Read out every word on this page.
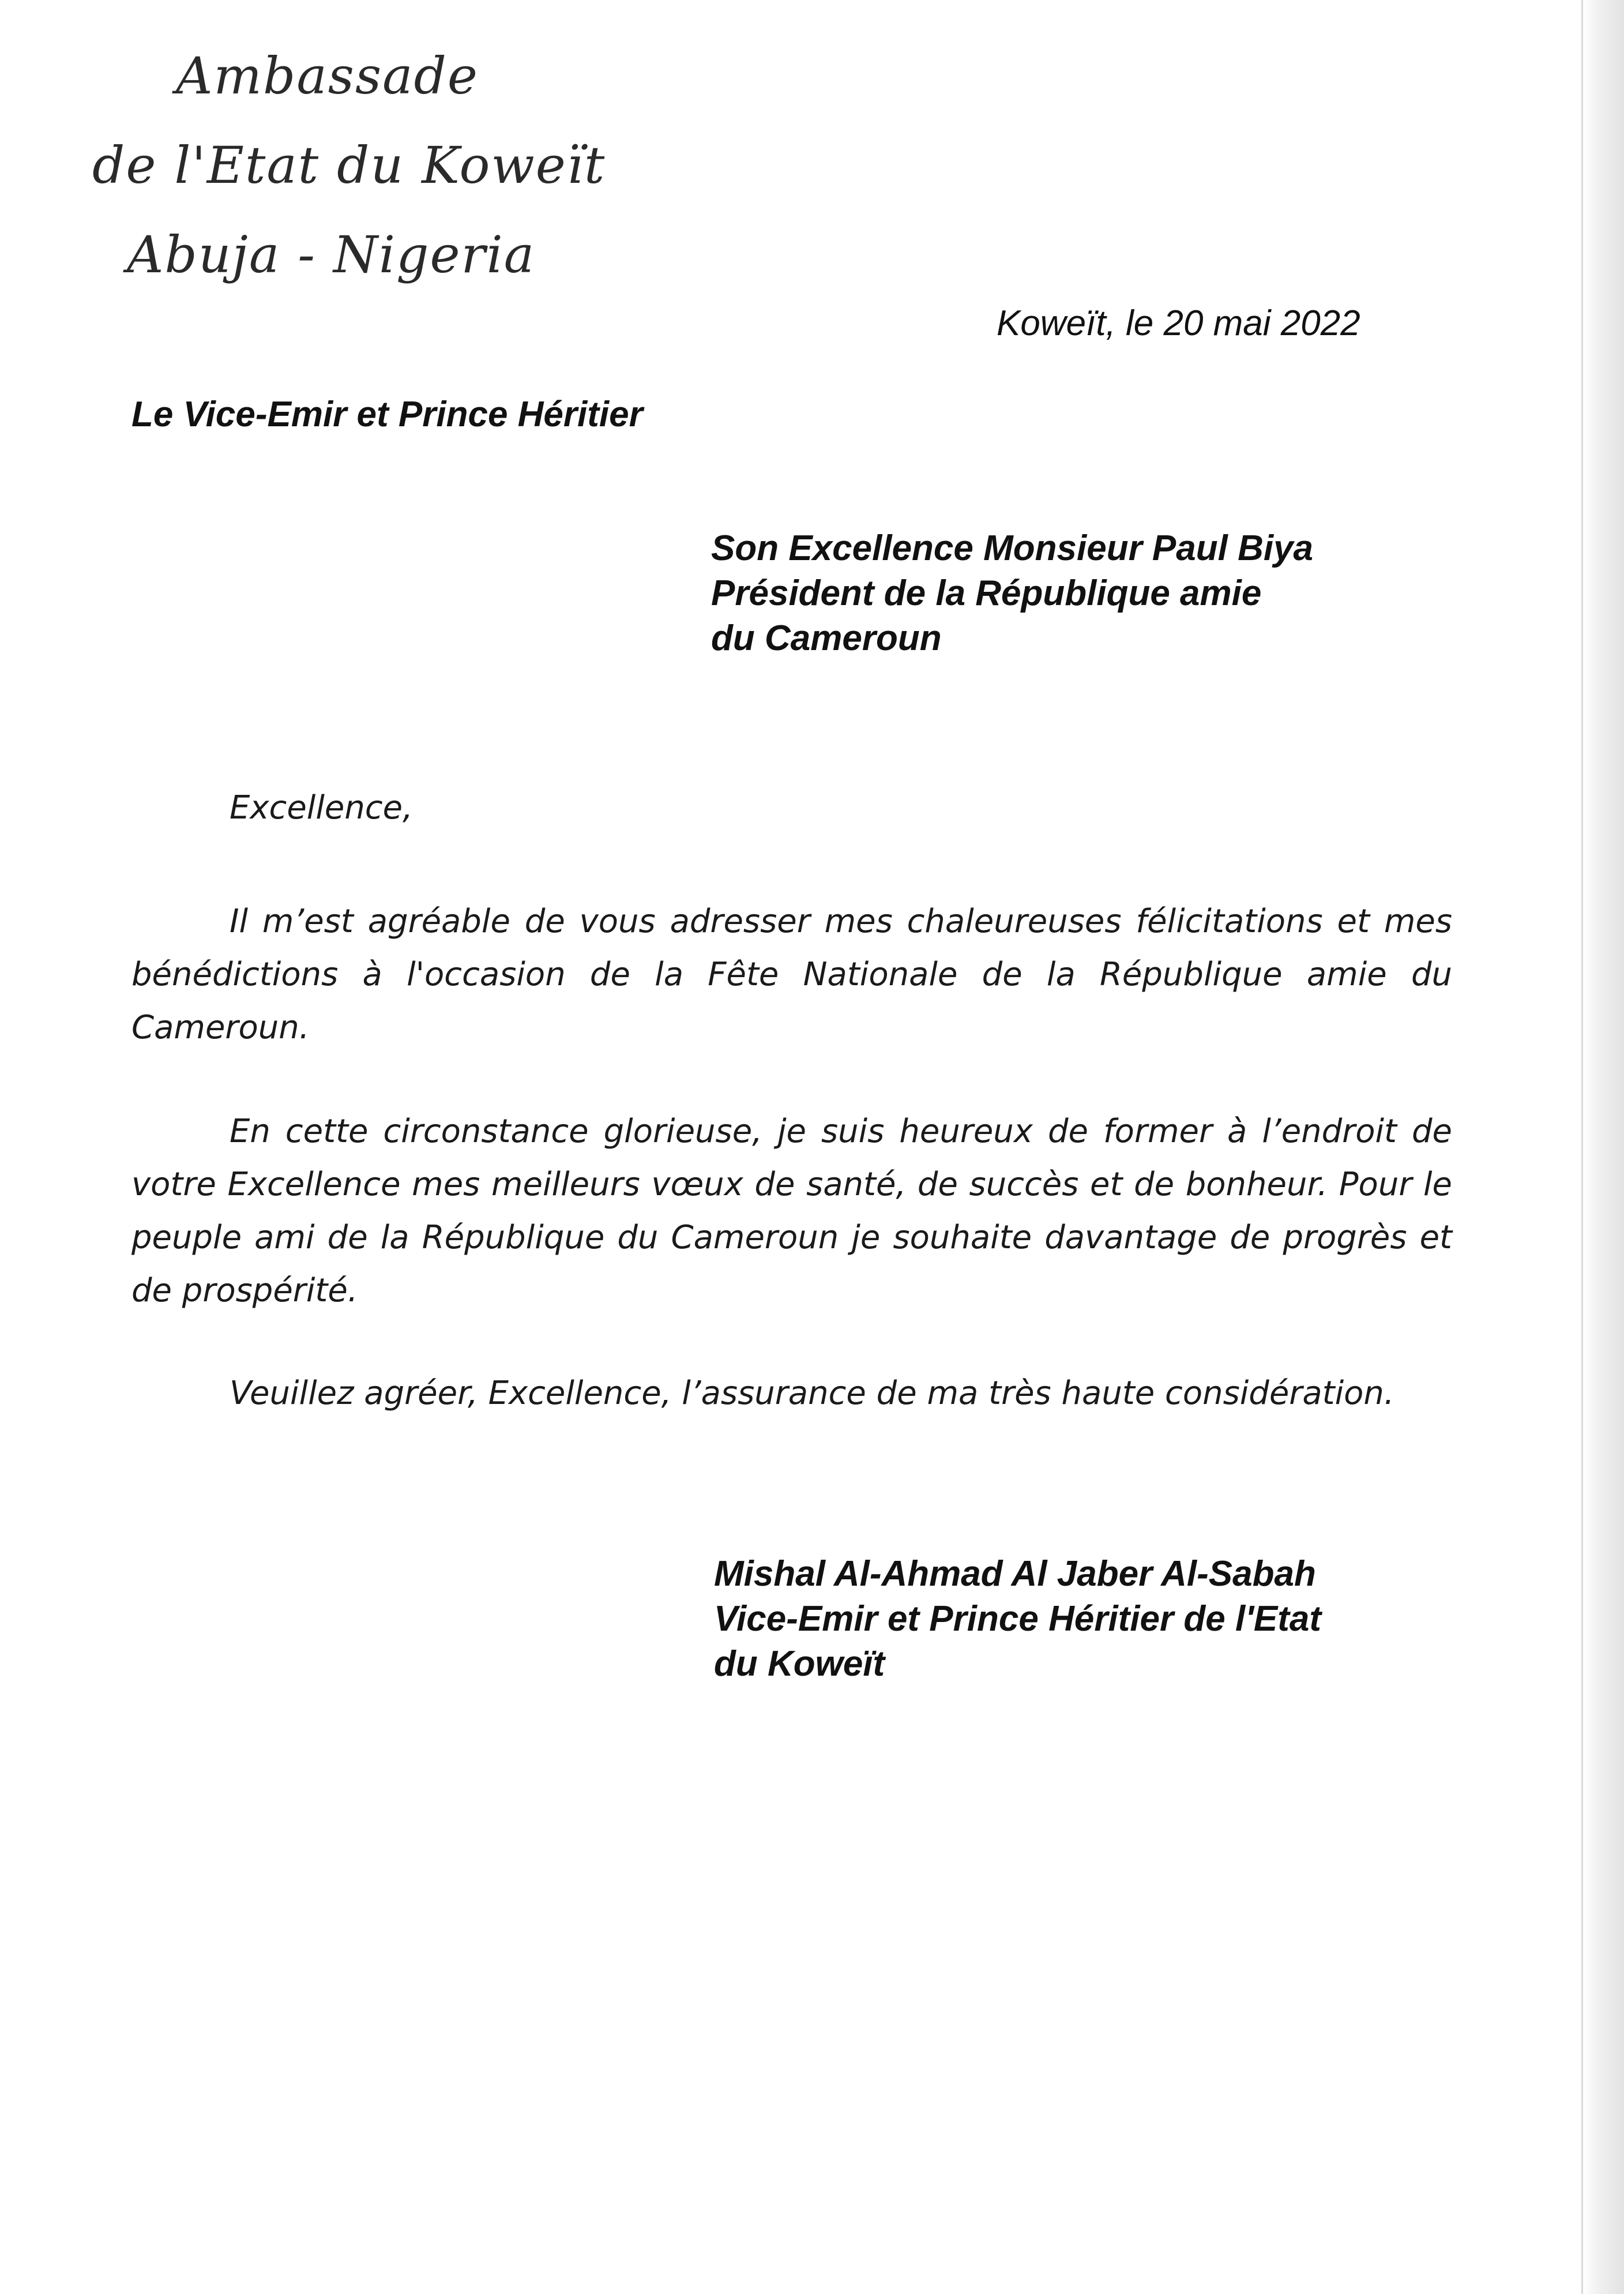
Ambassade
de l'Etat du Koweït
Abuja - Nigeria
Koweït, le 20 mai 2022
Le Vice-Emir et Prince Héritier
Son Excellence Monsieur Paul Biya
Président de la République amie
du Cameroun
Excellence,

Il m’est agréable de vous adresser mes chaleureuses félicitations et mes bénédictions à l'occasion de la Fête Nationale de la République amie du Cameroun.

En cette circonstance glorieuse, je suis heureux de former à l’endroit de votre Excellence mes meilleurs vœux de santé, de succès et de bonheur. Pour le peuple ami de la République du Cameroun je souhaite davantage de progrès et de prospérité.

Veuillez agréer, Excellence, l’assurance de ma très haute considération.

Mishal Al-Ahmad Al Jaber Al-Sabah
Vice-Emir et Prince Héritier de l'Etat
du Koweït
